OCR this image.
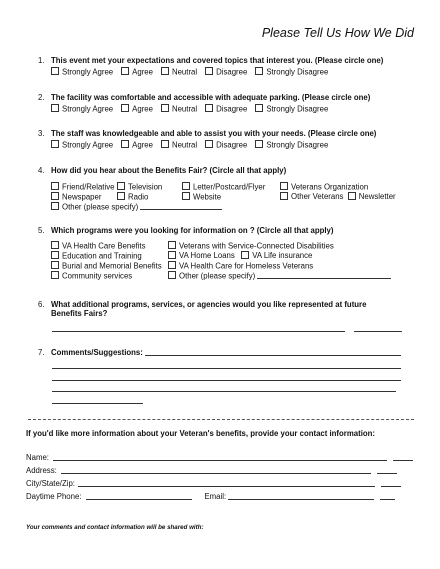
Please Tell Us How We Did
1. This event met your expectations and covered topics that interest you. (Please circle one)
Strongly Agree Agree Neutral Disagree Strongly Disagree
2. The facility was comfortable and accessible with adequate parking. (Please circle one)
Strongly Agree Agree Neutral Disagree Strongly Disagree
3. The staff was knowledgeable and able to assist you with your needs. (Please circle one)
Strongly Agree Agree Neutral Disagree Strongly Disagree
4. How did you hear about the Benefits Fair? (Circle all that apply)
Friend/Relative	Television	Letter/Postcard/Flyer	Veterans Organization
Newspaper	Radio	Website	Other Veterans Newsletter
Other (please specify)
5. Which programs were you looking for information on ? (Circle all that apply)
VA Health Care Benefits	Veterans with Service-Connected Disabilities
Education and Training	VA Home Loans VA Life insurance
Burial and Memorial Benefits	VA Health Care for Homeless Veterans
Community services	Other (please specify)
6. What additional programs, services, or agencies would you like represented at future
Benefits Fairs?
7. Comments/Suggestions:
If you'd like more information about your Veteran's benefits, provide your contact information:
Name:
Address:
City/State/Zip:
Daytime Phone:	Email:
Your comments and contact information will be shared with:
